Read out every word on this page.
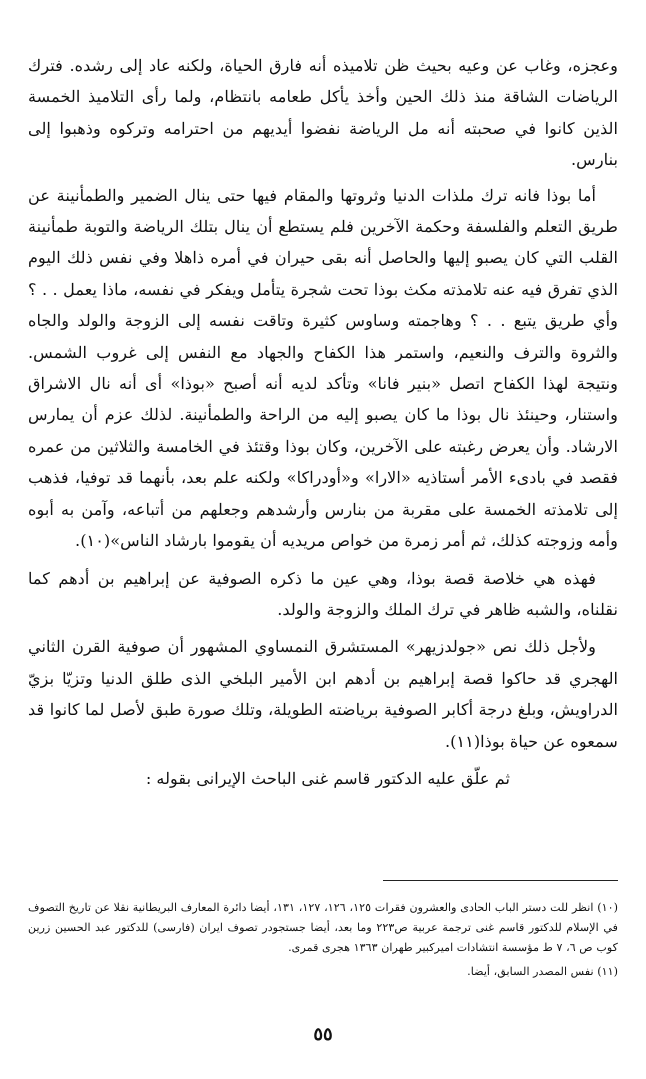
وعجزه، وغاب عن وعيه بحيث ظن تلاميذه أنه فارق الحياة، ولكنه عاد إلى رشده. فترك الرياضات الشاقة منذ ذلك الحين وأخذ يأكل طعامه بانتظام، ولما رأى التلاميذ الخمسة الذين كانوا في صحبته أنه مل الرياضة نفضوا أيديهم من احترامه وتركوه وذهبوا إلى بنارس.

أما بوذا فانه ترك ملذات الدنيا وثروتها والمقام فيها حتى ينال الضمير والطمأنينة عن طريق التعلم والفلسفة وحكمة الآخرين فلم يستطع أن ينال بتلك الرياضة والتوبة طمأنينة القلب التي كان يصبو إليها والحاصل أنه بقى حيران في أمره ذاهلا وفي نفس ذلك اليوم الذي تفرق فيه عنه تلامذته مكث بوذا تحت شجرة يتأمل ويفكر في نفسه، ماذا يعمل . . ؟ وأي طريق يتبع . . ؟ وهاجمته وساوس كثيرة وتاقت نفسه إلى الزوجة والولد والجاه والثروة والترف والنعيم، واستمر هذا الكفاح والجهاد مع النفس إلى غروب الشمس. ونتيجة لهذا الكفاح اتصل «بنير فانا» وتأكد لديه أنه أصبح «بوذا» أى أنه نال الاشراق واستنار، وحينئذ نال بوذا ما كان يصبو إليه من الراحة والطمأنينة. لذلك عزم أن يمارس الارشاد. وأن يعرض رغبته على الآخرين، وكان بوذا وقتئذ في الخامسة والثلاثين من عمره فقصد في بادىء الأمر أستاذيه «الارا» و«أودراكا» ولكنه علم بعد، بأنهما قد توفيا، فذهب إلى تلامذته الخمسة على مقربة من بنارس وأرشدهم وجعلهم من أتباعه، وآمن به أبوه وأمه وزوجته كذلك، ثم أمر زمرة من خواص مريديه أن يقوموا بارشاد الناس»(١٠).

فهذه هي خلاصة قصة بوذا، وهي عين ما ذكره الصوفية عن إبراهيم بن أدهم كما نقلناه، والشبه ظاهر في ترك الملك والزوجة والولد.

ولأجل ذلك نص «جولدزيهر» المستشرق النمساوي المشهور أن صوفية القرن الثاني الهجري قد حاكوا قصة إبراهيم بن أدهم ابن الأمير البلخي الذى طلق الدنيا وتزيّا بزيّ الدراويش، وبلغ درجة أكابر الصوفية برياضته الطويلة، وتلك صورة طبق لأصل لما كانوا قد سمعوه عن حياة بوذا(١١).

ثم علّق عليه الدكتور قاسم غنى الباحث الإيرانى بقوله :

(١٠) انظر للت دستر الباب الحادى والعشرون فقرات ١٢٥، ١٢٦، ١٢٧، ١٣١، أيضا دائرة المعارف البريطانية نقلا عن تاريخ التصوف في الإسلام للدكتور قاسم غنى ترجمة عربية ص٢٢٣ وما بعد، أيضا جستجودر تصوف ايران (فارسى) للدكتور عبد الحسين زرين كوب ص ٦، ٧ ط مؤسسة انتشادات اميركبير طهران ١٣٦٣ هجرى قمرى.

(١١) نفس المصدر السابق، أيضا.

٥٥
